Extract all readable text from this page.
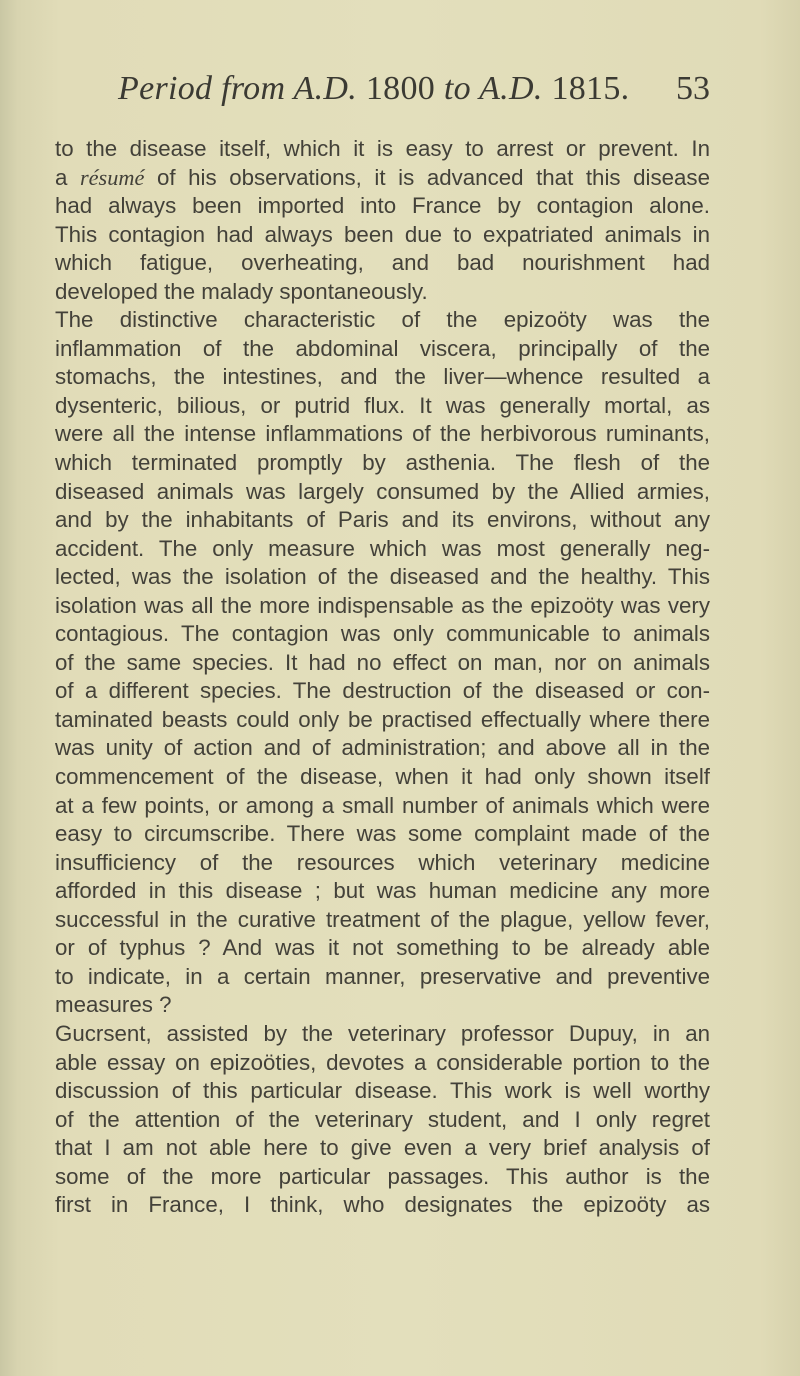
Period from A.D. 1800 to A.D. 1815. 53
to the disease itself, which it is easy to arrest or prevent. In
a résumé of his observations, it is advanced that this disease
had always been imported into France by contagion alone.
This contagion had always been due to expatriated animals in
which fatigue, overheating, and bad nourishment had
developed the malady spontaneously.
The distinctive characteristic of the epizoöty was the
inflammation of the abdominal viscera, principally of the
stomachs, the intestines, and the liver—whence resulted a
dysenteric, bilious, or putrid flux. It was generally mortal, as
were all the intense inflammations of the herbivorous ruminants,
which terminated promptly by asthenia. The flesh of the
diseased animals was largely consumed by the Allied armies,
and by the inhabitants of Paris and its environs, without any
accident. The only measure which was most generally neg-
lected, was the isolation of the diseased and the healthy. This
isolation was all the more indispensable as the epizoöty was very
contagious. The contagion was only communicable to animals
of the same species. It had no effect on man, nor on animals
of a different species. The destruction of the diseased or con-
taminated beasts could only be practised effectually where there
was unity of action and of administration; and above all in the
commencement of the disease, when it had only shown itself
at a few points, or among a small number of animals which were
easy to circumscribe. There was some complaint made of the
insufficiency of the resources which veterinary medicine
afforded in this disease ; but was human medicine any more
successful in the curative treatment of the plague, yellow fever,
or of typhus ? And was it not something to be already able
to indicate, in a certain manner, preservative and preventive
measures ?
Gucrsent, assisted by the veterinary professor Dupuy, in an
able essay on epizoöties, devotes a considerable portion to the
discussion of this particular disease. This work is well worthy
of the attention of the veterinary student, and I only regret
that I am not able here to give even a very brief analysis of
some of the more particular passages. This author is the
first in France, I think, who designates the epizoöty as
